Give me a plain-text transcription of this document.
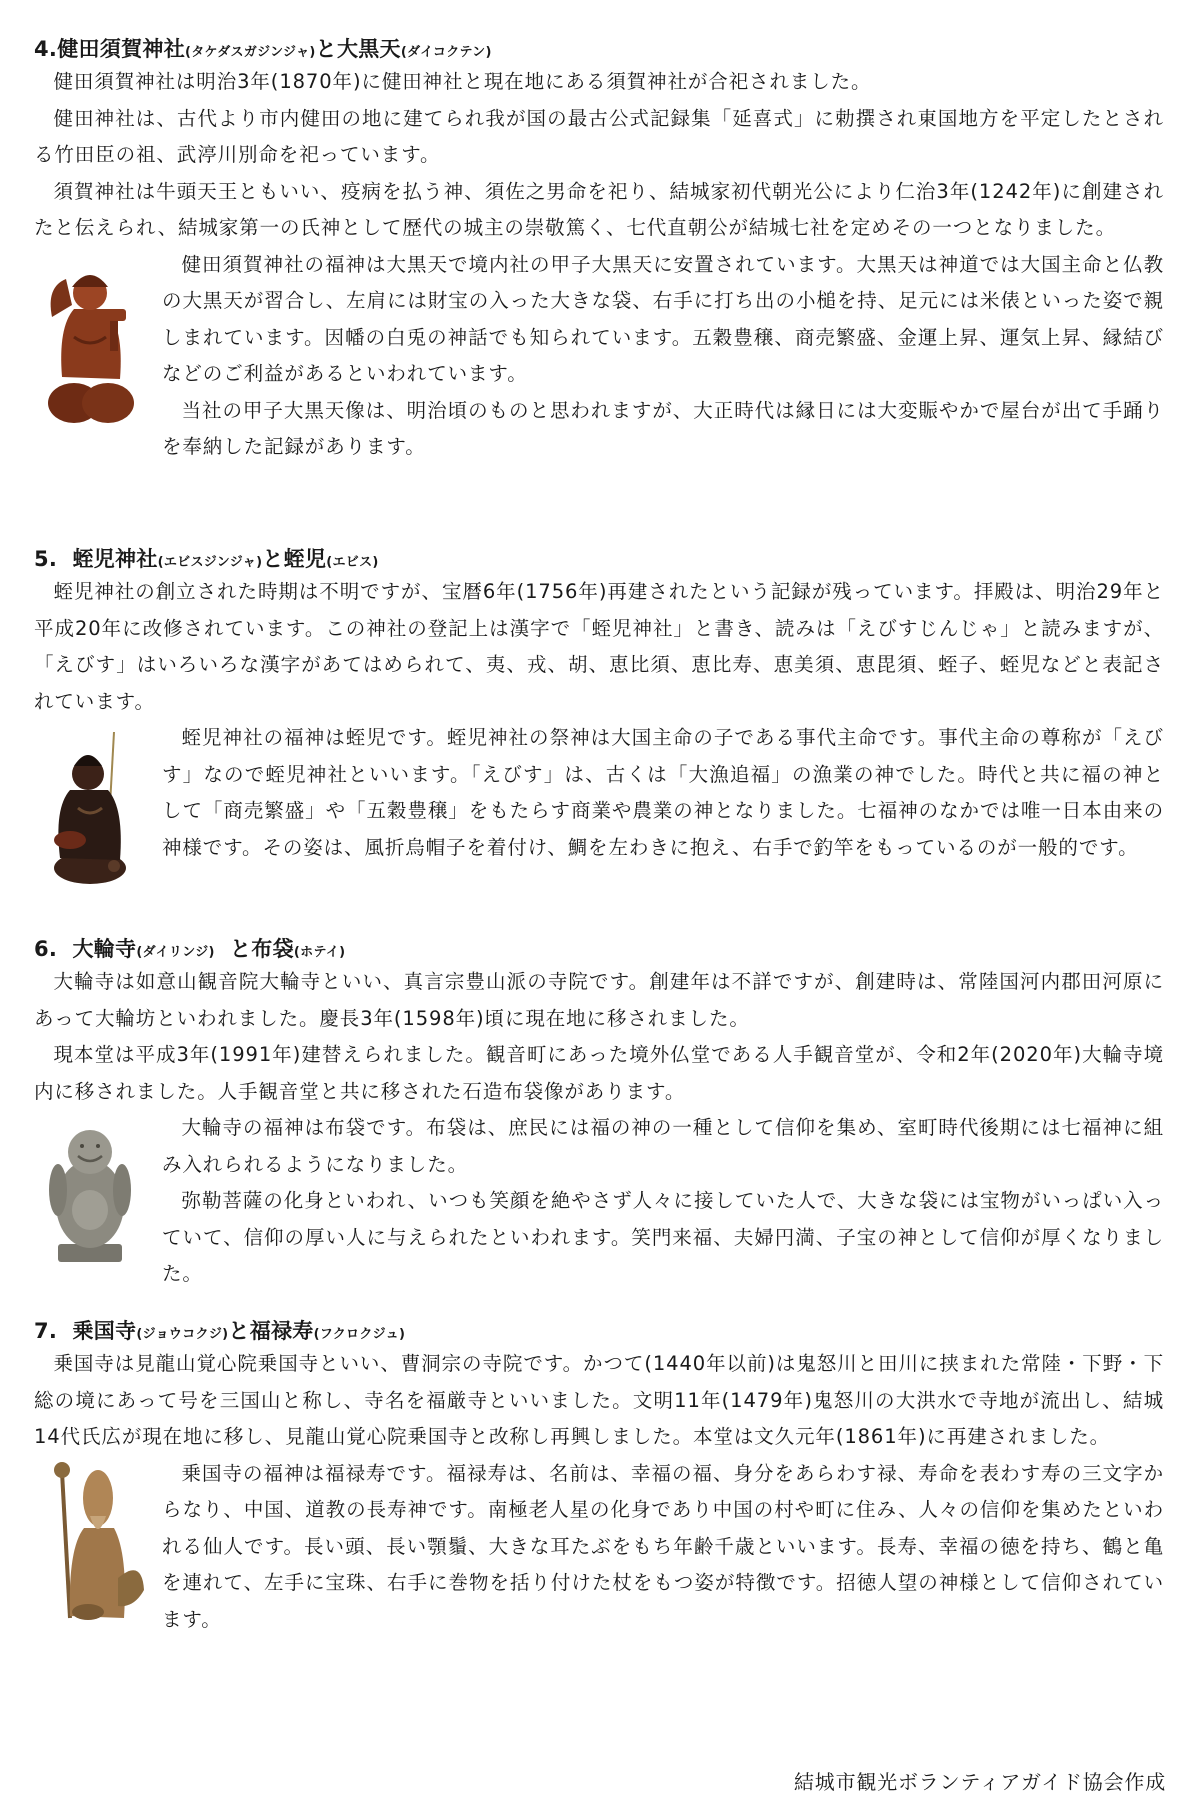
4.健田須賀神社(タケダスガジンジャ)と大黒天(ダイコクテン)

健田須賀神社は明治3年(1870年)に健田神社と現在地にある須賀神社が合祀されました。

健田神社は、古代より市内健田の地に建てられ我が国の最古公式記録集「延喜式」に勅撰され東国地方を平定したとされる竹田臣の祖、武渟川別命を祀っています。

須賀神社は牛頭天王ともいい、疫病を払う神、須佐之男命を祀り、結城家初代朝光公により仁治3年(1242年)に創建されたと伝えられ、結城家第一の氏神として歴代の城主の崇敬篤く、七代直朝公が結城七社を定めその一つとなりました。

健田須賀神社の福神は大黒天で境内社の甲子大黒天に安置されています。大黒天は神道では大国主命と仏教の大黒天が習合し、左肩には財宝の入った大きな袋、右手に打ち出の小槌を持、足元には米俵といった姿で親しまれています。因幡の白兎の神話でも知られています。五穀豊穣、商売繁盛、金運上昇、運気上昇、縁結びなどのご利益があるといわれています。

当社の甲子大黒天像は、明治頃のものと思われますが、大正時代は縁日には大変賑やかで屋台が出て手踊りを奉納した記録があります。

5. 蛭児神社(エビスジンジャ)と蛭児(エビス)

蛭児神社の創立された時期は不明ですが、宝暦6年(1756年)再建されたという記録が残っています。拝殿は、明治29年と平成20年に改修されています。この神社の登記上は漢字で「蛭児神社」と書き、読みは「えびすじんじゃ」と読みますが、「えびす」はいろいろな漢字があてはめられて、夷、戎、胡、恵比須、恵比寿、恵美須、恵毘須、蛭子、蛭児などと表記されています。

蛭児神社の福神は蛭児です。蛭児神社の祭神は大国主命の子である事代主命です。事代主命の尊称が「えびす」なので蛭児神社といいます。「えびす」は、古くは「大漁追福」の漁業の神でした。時代と共に福の神として「商売繁盛」や「五穀豊穣」をもたらす商業や農業の神となりました。七福神のなかでは唯一日本由来の神様です。その姿は、風折烏帽子を着付け、鯛を左わきに抱え、右手で釣竿をもっているのが一般的です。

6. 大輪寺(ダイリンジ)  と布袋(ホテイ)

大輪寺は如意山観音院大輪寺といい、真言宗豊山派の寺院です。創建年は不詳ですが、創建時は、常陸国河内郡田河原にあって大輪坊といわれました。慶長3年(1598年)頃に現在地に移されました。

現本堂は平成3年(1991年)建替えられました。観音町にあった境外仏堂である人手観音堂が、令和2年(2020年)大輪寺境内に移されました。人手観音堂と共に移された石造布袋像があります。

大輪寺の福神は布袋です。布袋は、庶民には福の神の一種として信仰を集め、室町時代後期には七福神に組み入れられるようになりました。

弥勒菩薩の化身といわれ、いつも笑顔を絶やさず人々に接していた人で、大きな袋には宝物がいっぱい入っていて、信仰の厚い人に与えられたといわれます。笑門来福、夫婦円満、子宝の神として信仰が厚くなりました。

7. 乗国寺(ジョウコクジ)と福禄寿(フクロクジュ)

乗国寺は見龍山覚心院乗国寺といい、曹洞宗の寺院です。かつて(1440年以前)は鬼怒川と田川に挟まれた常陸・下野・下総の境にあって号を三国山と称し、寺名を福厳寺といいました。文明11年(1479年)鬼怒川の大洪水で寺地が流出し、結城14代氏広が現在地に移し、見龍山覚心院乗国寺と改称し再興しました。本堂は文久元年(1861年)に再建されました。

乗国寺の福神は福禄寿です。福禄寿は、名前は、幸福の福、身分をあらわす禄、寿命を表わす寿の三文字からなり、中国、道教の長寿神です。南極老人星の化身であり中国の村や町に住み、人々の信仰を集めたといわれる仙人です。長い頭、長い顎鬚、大きな耳たぶをもち年齢千歳といいます。長寿、幸福の徳を持ち、鶴と亀を連れて、左手に宝珠、右手に巻物を括り付けた杖をもつ姿が特徴です。招徳人望の神様として信仰されています。

結城市観光ボランティアガイド協会作成
